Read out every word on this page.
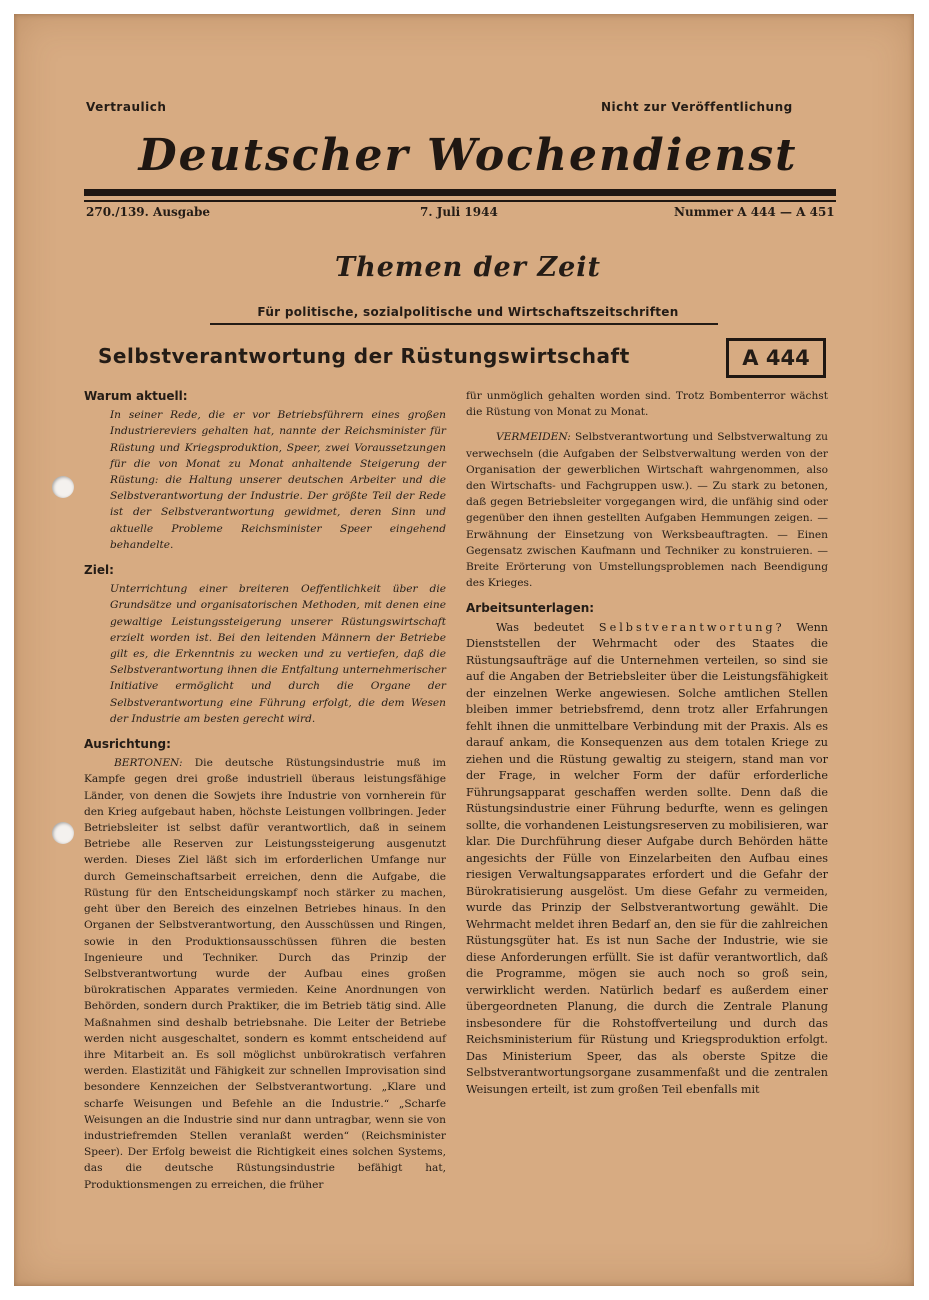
Vertraulich	Nicht zur Veröffentlichung
Deutscher Wochendienst
270./139. Ausgabe	7. Juli 1944	Nummer A 444 — A 451
Themen der Zeit
Für politische, sozialpolitische und Wirtschaftszeitschriften
Selbstverantwortung der Rüstungswirtschaft	A 444
Warum aktuell:
In seiner Rede, die er vor Betriebsführern eines großen Industriereviers gehalten hat, nannte der Reichsminister für Rüstung und Kriegsproduktion, Speer, zwei Voraussetzungen für die von Monat zu Monat anhaltende Steigerung der Rüstung: die Haltung unserer deutschen Arbeiter und die Selbstverantwortung der Industrie. Der größte Teil der Rede ist der Selbstverantwortung gewidmet, deren Sinn und aktuelle Probleme Reichsminister Speer eingehend behandelte.
Ziel:
Unterrichtung einer breiteren Oeffentlichkeit über die Grundsätze und organisatorischen Methoden, mit denen eine gewaltige Leistungssteigerung unserer Rüstungswirtschaft erzielt worden ist. Bei den leitenden Männern der Betriebe gilt es, die Erkenntnis zu wecken und zu vertiefen, daß die Selbstverantwortung ihnen die Entfaltung unternehmerischer Initiative ermöglicht und durch die Organe der Selbstverantwortung eine Führung erfolgt, die dem Wesen der Industrie am besten gerecht wird.
Ausrichtung:
BERTONEN: Die deutsche Rüstungsindustrie muß im Kampfe gegen drei große industriell überaus leistungsfähige Länder, von denen die Sowjets ihre Industrie von vornherein für den Krieg aufgebaut haben, höchste Leistungen vollbringen. Jeder Betriebsleiter ist selbst dafür verantwortlich, daß in seinem Betriebe alle Reserven zur Leistungssteigerung ausgenutzt werden. Dieses Ziel läßt sich im erforderlichen Umfange nur durch Gemeinschaftsarbeit erreichen, denn die Aufgabe, die Rüstung für den Entscheidungskampf noch stärker zu machen, geht über den Bereich des einzelnen Betriebes hinaus. In den Organen der Selbstverantwortung, den Ausschüssen und Ringen, sowie in den Produktionsausschüssen führen die besten Ingenieure und Techniker. Durch das Prinzip der Selbstverantwortung wurde der Aufbau eines großen bürokratischen Apparates vermieden. Keine Anordnungen von Behörden, sondern durch Praktiker, die im Betrieb tätig sind. Alle Maßnahmen sind deshalb betriebsnahe. Die Leiter der Betriebe werden nicht ausgeschaltet, sondern es kommt entscheidend auf ihre Mitarbeit an. Es soll möglichst unbürokratisch verfahren werden. Elastizität und Fähigkeit zur schnellen Improvisation sind besondere Kennzeichen der Selbstverantwortung. „Klare und scharfe Weisungen und Befehle an die Industrie.“ „Scharfe Weisungen an die Industrie sind nur dann untragbar, wenn sie von industriefremden Stellen veranlaßt werden“ (Reichsminister Speer). Der Erfolg beweist die Richtigkeit eines solchen Systems, das die deutsche Rüstungsindustrie befähigt hat, Produktionsmengen zu erreichen, die früher
für unmöglich gehalten worden sind. Trotz Bombenterror wächst die Rüstung von Monat zu Monat.
VERMEIDEN: Selbstverantwortung und Selbstverwaltung zu verwechseln (die Aufgaben der Selbstverwaltung werden von der Organisation der gewerblichen Wirtschaft wahrgenommen, also den Wirtschafts- und Fachgruppen usw.). — Zu stark zu betonen, daß gegen Betriebsleiter vorgegangen wird, die unfähig sind oder gegenüber den ihnen gestellten Aufgaben Hemmungen zeigen. — Erwähnung der Einsetzung von Werksbeauftragten. — Einen Gegensatz zwischen Kaufmann und Techniker zu konstruieren. — Breite Erörterung von Umstellungsproblemen nach Beendigung des Krieges.
Arbeitsunterlagen:
Was bedeutet Selbstverantwortung? Wenn Dienststellen der Wehrmacht oder des Staates die Rüstungsaufträge auf die Unternehmen verteilen, so sind sie auf die Angaben der Betriebsleiter über die Leistungsfähigkeit der einzelnen Werke angewiesen. Solche amtlichen Stellen bleiben immer betriebsfremd, denn trotz aller Erfahrungen fehlt ihnen die unmittelbare Verbindung mit der Praxis. Als es darauf ankam, die Konsequenzen aus dem totalen Kriege zu ziehen und die Rüstung gewaltig zu steigern, stand man vor der Frage, in welcher Form der dafür erforderliche Führungsapparat geschaffen werden sollte. Denn daß die Rüstungsindustrie einer Führung bedurfte, wenn es gelingen sollte, die vorhandenen Leistungsreserven zu mobilisieren, war klar. Die Durchführung dieser Aufgabe durch Behörden hätte angesichts der Fülle von Einzelarbeiten den Aufbau eines riesigen Verwaltungsapparates erfordert und die Gefahr der Bürokratisierung ausgelöst. Um diese Gefahr zu vermeiden, wurde das Prinzip der Selbstverantwortung gewählt. Die Wehrmacht meldet ihren Bedarf an, den sie für die zahlreichen Rüstungsgüter hat. Es ist nun Sache der Industrie, wie sie diese Anforderungen erfüllt. Sie ist dafür verantwortlich, daß die Programme, mögen sie auch noch so groß sein, verwirklicht werden. Natürlich bedarf es außerdem einer übergeordneten Planung, die durch die Zentrale Planung insbesondere für die Rohstoffverteilung und durch das Reichsministerium für Rüstung und Kriegsproduktion erfolgt. Das Ministerium Speer, das als oberste Spitze die Selbstverantwortungsorgane zusammenfaßt und die zentralen Weisungen erteilt, ist zum großen Teil ebenfalls mit
